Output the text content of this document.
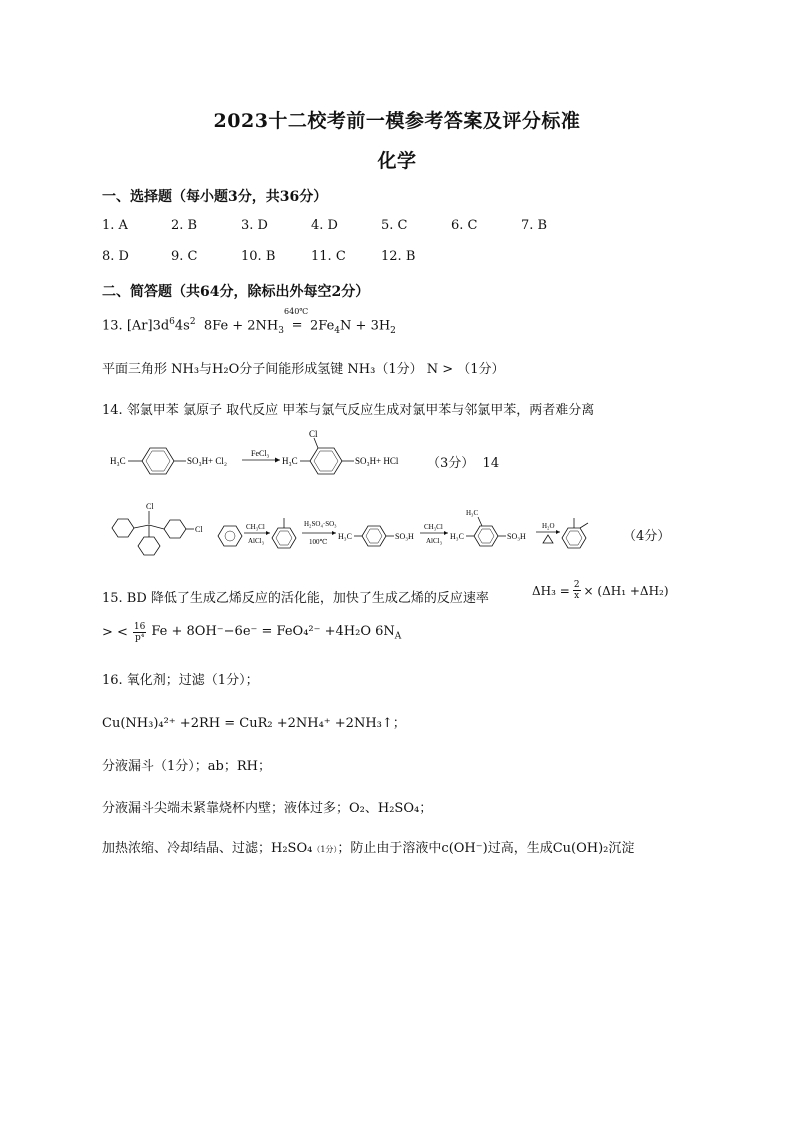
2023十二校考前一模参考答案及评分标准
化学
一、选择题（每小题3分，共36分）
1. A	2. B	3. D	4. D	5. C	6. C	7. B
8. D	9. C	10. B	11. C	12. B
二、简答题（共64分，除标出外每空2分）
13. $[Ar]3d^64s^2$ $8Fe + 2NH_3$
640℃
= $2Fe_4N + 3H_2$
平面三角形 NH₃与H₂O分子间能形成氢键 NH₃（1分） N > （1分）
14. 邻氯甲苯 氯原子 取代反应 甲苯与氯气反应生成对氯甲苯与邻氯甲苯，两者难分离
H₃C	SO₃H + Cl₂
FeCl₃
H₃C
Cl
SO₃H + HCl （3分） 14
Cl
Cl	CH₃Cl
AlCl₃
H₂SO₄·SO₃
100℃
H₃C	SO₃H
CH₃Cl
AlCl₃
H₃C
H₃C	SO₃H
H₂O
Δ
（4分）
15. BD 降低了生成乙烯反应的活化能，加快了生成乙烯的反应速率
$\Delta H_3 = \frac{2}{x} \times (\Delta H_1 +\Delta H_2)$
> < $\frac{16}{\text{p⁴}}$ Fe + 8OH⁻−6e⁻ = FeO₄²⁻ +4H₂O $6N_A$
16. 氧化剂；过滤（1分）；
Cu(NH₃)₄²⁺ +2RH = CuR₂ +2NH₄⁺ +2NH₃↑；
分液漏斗（1分）；ab；RH；
分液漏斗尖端未紧靠烧杯内壁；液体过多；O₂、H₂SO₄；
加热浓缩、冷却结晶、过滤；H₂SO₄（1分）；防止由于溶液中c(OH⁻)过高，生成Cu(OH)₂沉淀
